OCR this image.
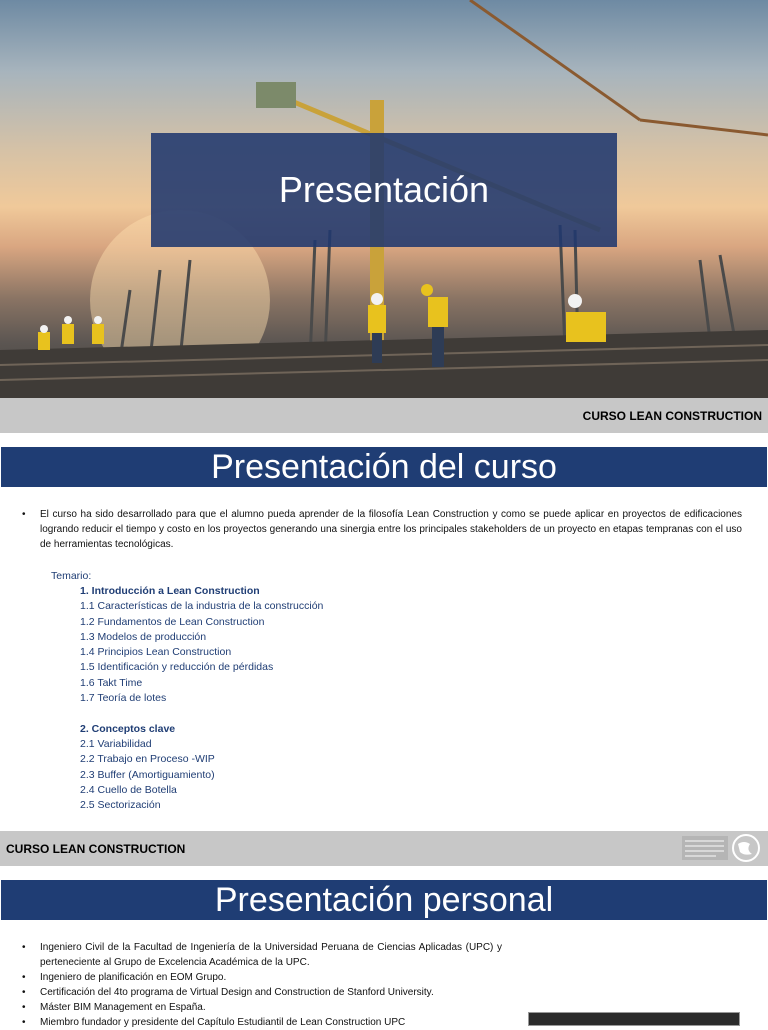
Presentación
CURSO LEAN CONSTRUCTION
Presentación del curso
• El curso ha sido desarrollado para que el alumno pueda aprender de la filosofía Lean Construction y como se puede aplicar en proyectos de edificaciones logrando reducir el tiempo y costo en los proyectos generando una sinergia entre los principales stakeholders de un proyecto en etapas tempranas con el uso de herramientas tecnológicas.
Temario:
1. Introducción a Lean Construction
1.1 Características de la industria de la construcción
1.2 Fundamentos de Lean Construction
1.3 Modelos de producción
1.4 Principios Lean Construction
1.5 Identificación y reducción de pérdidas
1.6 Takt Time
1.7 Teoría de lotes
2. Conceptos clave
2.1 Variabilidad
2.2 Trabajo en Proceso -WIP
2.3 Buffer (Amortiguamiento)
2.4 Cuello de Botella
2.5 Sectorización
CURSO LEAN CONSTRUCTION
Presentación personal
• Ingeniero Civil de la Facultad de Ingeniería de la Universidad Peruana de Ciencias Aplicadas (UPC) y perteneciente al Grupo de Excelencia Académica de la UPC.
• Ingeniero de planificación en EOM Grupo.
• Certificación del 4to programa de Virtual Design and Construction de Stanford University.
• Máster BIM Management en España.
• Miembro fundador y presidente del Capítulo Estudiantil de Lean Construction UPC
